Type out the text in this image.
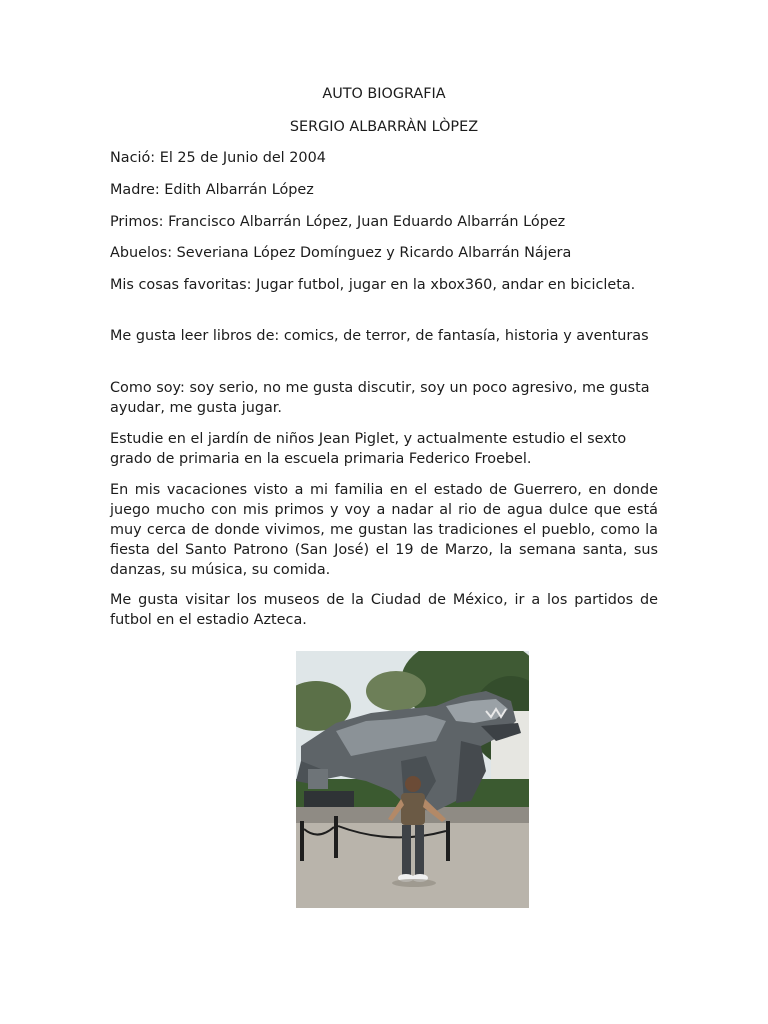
AUTO BIOGRAFIA
SERGIO ALBARRÀN LÒPEZ
Nació: El 25 de Junio del 2004
Madre: Edith Albarrán López
Primos: Francisco Albarrán López, Juan Eduardo Albarrán López
Abuelos: Severiana López Domínguez y Ricardo Albarrán Nájera
Mis cosas favoritas: Jugar futbol, jugar en la xbox360, andar en bicicleta.
Me gusta leer libros de: comics, de terror, de fantasía, historia y aventuras
Como soy: soy serio, no me gusta discutir, soy un poco agresivo, me gusta ayudar, me gusta jugar.
Estudie en el jardín de niños Jean Piglet, y actualmente estudio el sexto grado de primaria en la escuela primaria Federico Froebel.
En mis vacaciones visto a mi familia en el estado de Guerrero, en donde juego mucho con mis primos y voy a nadar al rio de agua dulce que está muy cerca de donde vivimos, me gustan las tradiciones el pueblo, como la fiesta del Santo Patrono (San José) el 19 de Marzo, la semana santa, sus danzas, su música, su comida.
Me gusta visitar los museos de la Ciudad de México, ir a los partidos de futbol en el estadio Azteca.
